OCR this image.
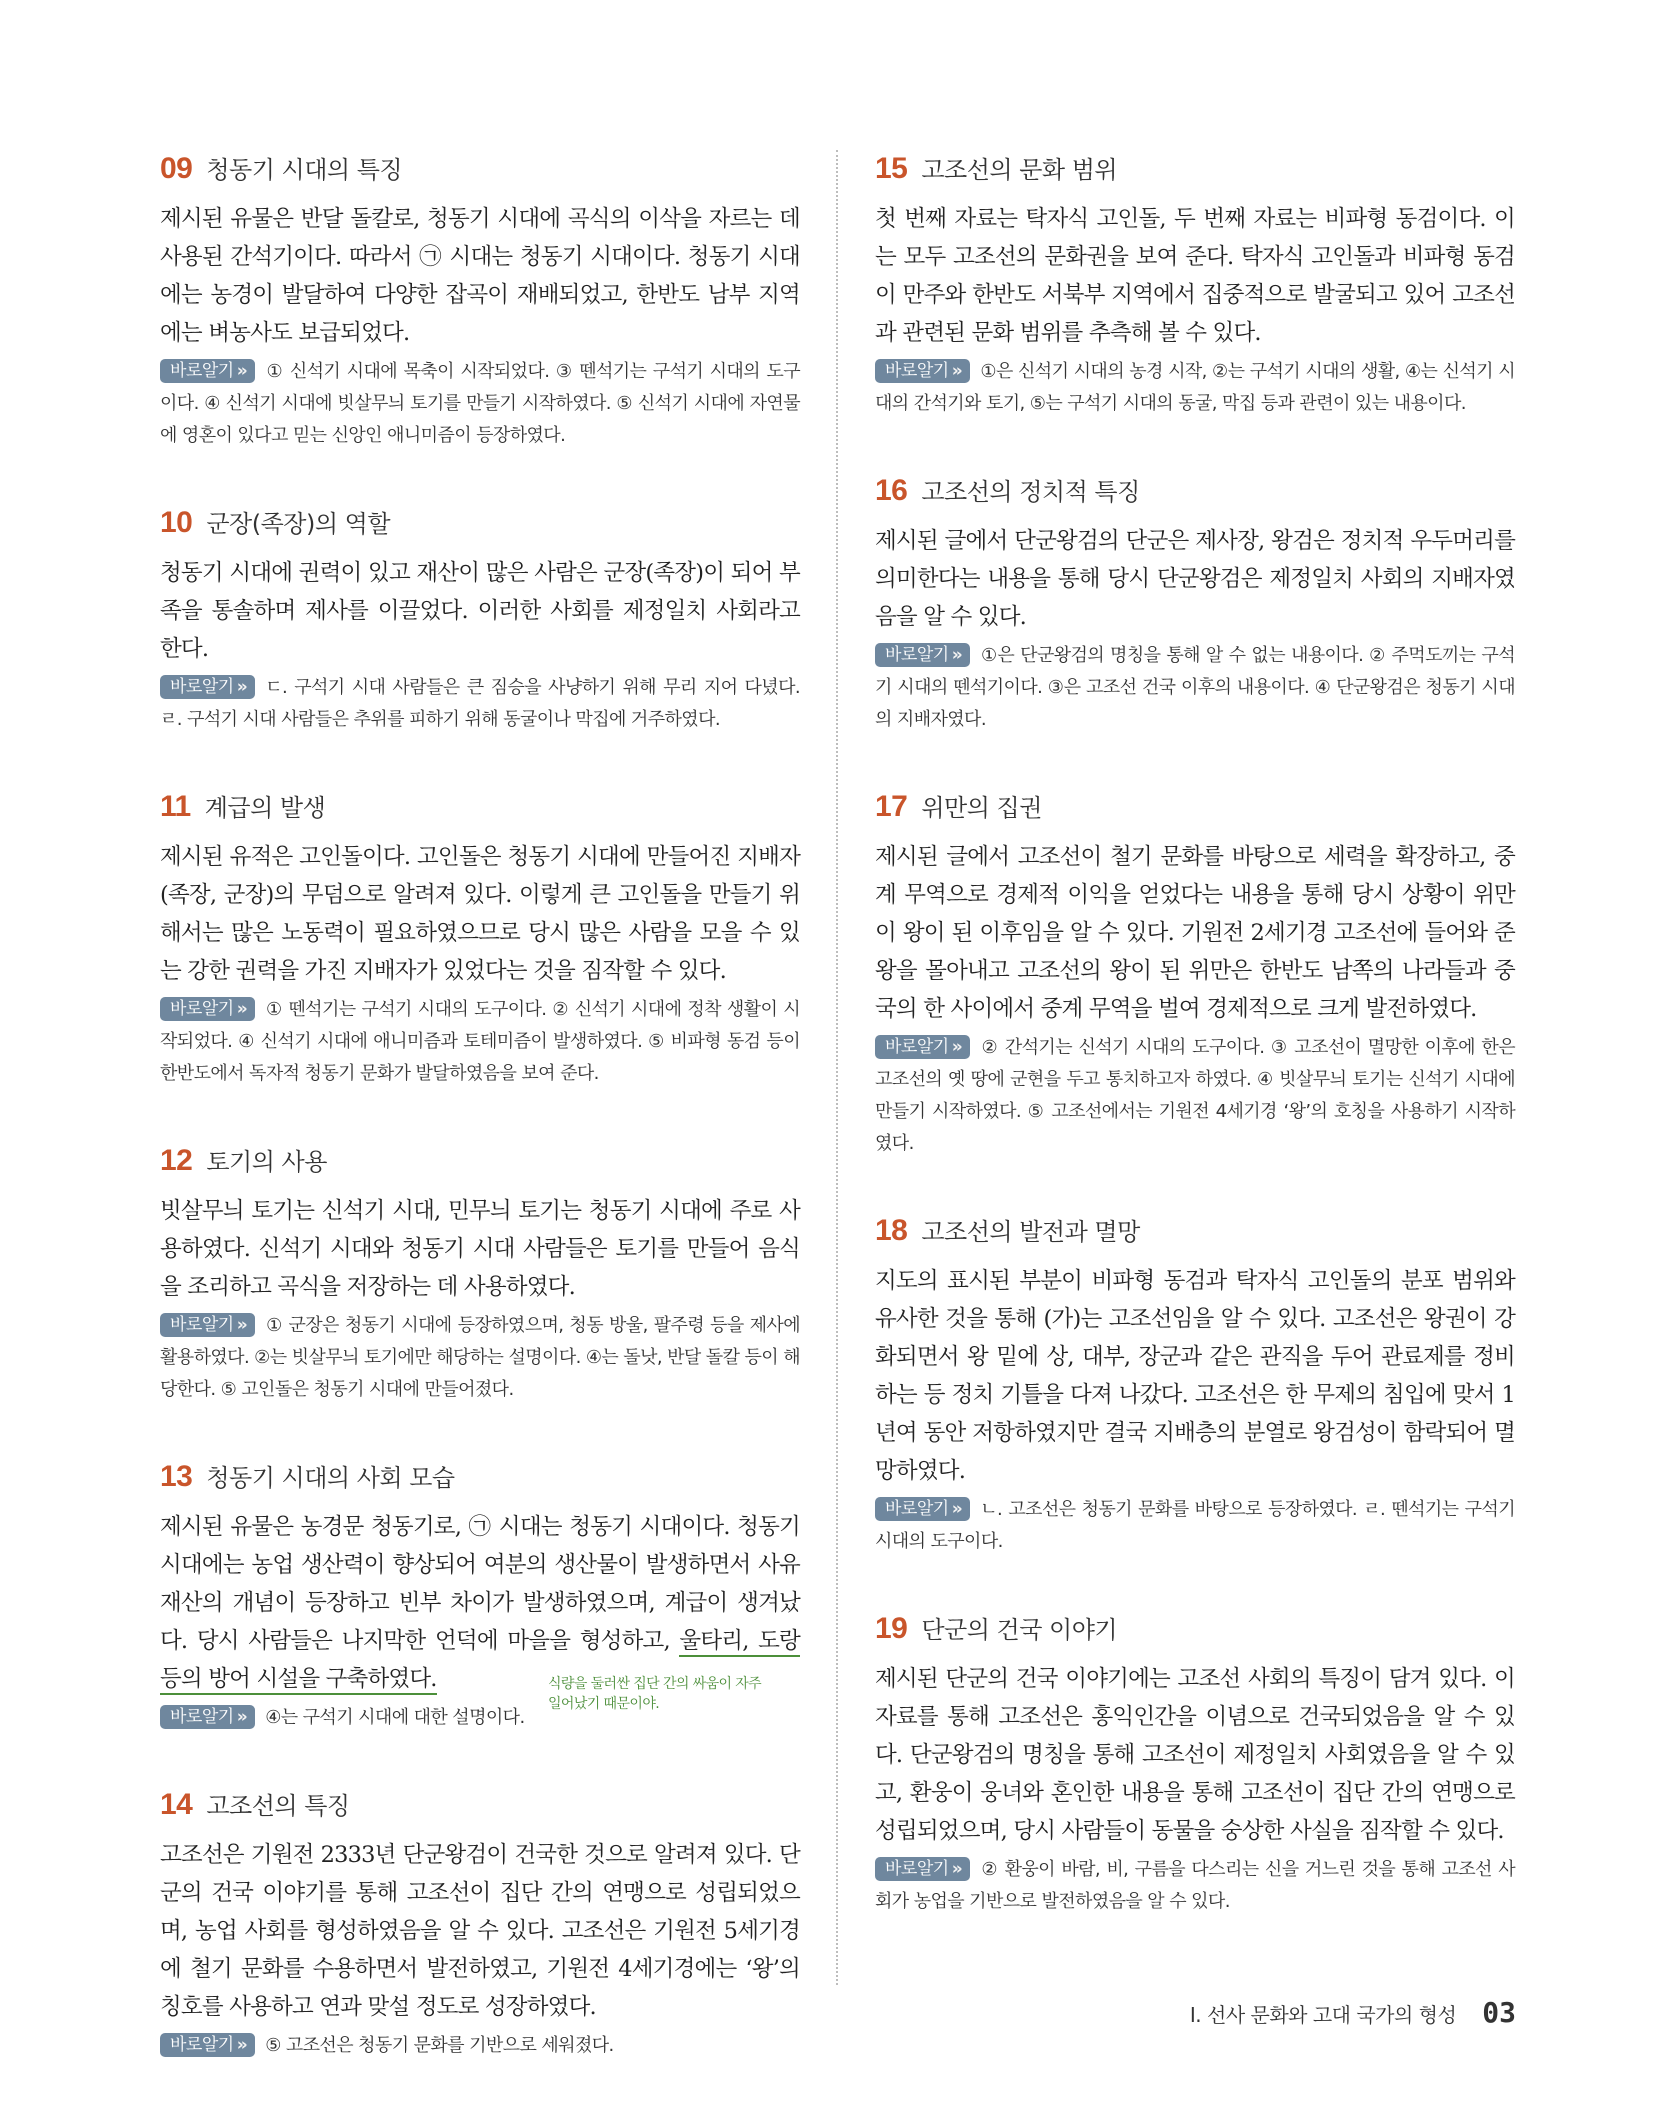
09 청동기 시대의 특징
제시된 유물은 반달 돌칼로, 청동기 시대에 곡식의 이삭을 자르는 데 사용된 간석기이다. 따라서 ㉠ 시대는 청동기 시대이다. 청동기 시대에는 농경이 발달하여 다양한 잡곡이 재배되었고, 한반도 남부 지역에는 벼농사도 보급되었다.
바로알기 » ① 신석기 시대에 목축이 시작되었다. ③ 뗀석기는 구석기 시대의 도구이다. ④ 신석기 시대에 빗살무늬 토기를 만들기 시작하였다. ⑤ 신석기 시대에 자연물에 영혼이 있다고 믿는 신앙인 애니미즘이 등장하였다.
10 군장(족장)의 역할
청동기 시대에 권력이 있고 재산이 많은 사람은 군장(족장)이 되어 부족을 통솔하며 제사를 이끌었다. 이러한 사회를 제정일치 사회라고 한다.
바로알기 » ㄷ. 구석기 시대 사람들은 큰 짐승을 사냥하기 위해 무리 지어 다녔다. ㄹ. 구석기 시대 사람들은 추위를 피하기 위해 동굴이나 막집에 거주하였다.
11 계급의 발생
제시된 유적은 고인돌이다. 고인돌은 청동기 시대에 만들어진 지배자(족장, 군장)의 무덤으로 알려져 있다. 이렇게 큰 고인돌을 만들기 위해서는 많은 노동력이 필요하였으므로 당시 많은 사람을 모을 수 있는 강한 권력을 가진 지배자가 있었다는 것을 짐작할 수 있다.
바로알기 » ① 뗀석기는 구석기 시대의 도구이다. ② 신석기 시대에 정착 생활이 시작되었다. ④ 신석기 시대에 애니미즘과 토테미즘이 발생하였다. ⑤ 비파형 동검 등이 한반도에서 독자적 청동기 문화가 발달하였음을 보여 준다.
12 토기의 사용
빗살무늬 토기는 신석기 시대, 민무늬 토기는 청동기 시대에 주로 사용하였다. 신석기 시대와 청동기 시대 사람들은 토기를 만들어 음식을 조리하고 곡식을 저장하는 데 사용하였다.
바로알기 » ① 군장은 청동기 시대에 등장하였으며, 청동 방울, 팔주령 등을 제사에 활용하였다. ②는 빗살무늬 토기에만 해당하는 설명이다. ④는 돌낫, 반달 돌칼 등이 해당한다. ⑤ 고인돌은 청동기 시대에 만들어졌다.
13 청동기 시대의 사회 모습
제시된 유물은 농경문 청동기로, ㉠ 시대는 청동기 시대이다. 청동기 시대에는 농업 생산력이 향상되어 여분의 생산물이 발생하면서 사유 재산의 개념이 등장하고 빈부 차이가 발생하였으며, 계급이 생겨났다. 당시 사람들은 나지막한 언덕에 마을을 형성하고, 울타리, 도랑 등의 방어 시설을 구축하였다.	식량을 둘러싼 집단 간의 싸움이 자주 일어났기 때문이야.
바로알기 » ④는 구석기 시대에 대한 설명이다.
14 고조선의 특징
고조선은 기원전 2333년 단군왕검이 건국한 것으로 알려져 있다. 단군의 건국 이야기를 통해 고조선이 집단 간의 연맹으로 성립되었으며, 농업 사회를 형성하였음을 알 수 있다. 고조선은 기원전 5세기경에 철기 문화를 수용하면서 발전하였고, 기원전 4세기경에는 ‘왕’의 칭호를 사용하고 연과 맞설 정도로 성장하였다.
바로알기 » ⑤ 고조선은 청동기 문화를 기반으로 세워졌다.
15 고조선의 문화 범위
첫 번째 자료는 탁자식 고인돌, 두 번째 자료는 비파형 동검이다. 이는 모두 고조선의 문화권을 보여 준다. 탁자식 고인돌과 비파형 동검이 만주와 한반도 서북부 지역에서 집중적으로 발굴되고 있어 고조선과 관련된 문화 범위를 추측해 볼 수 있다.
바로알기 » ①은 신석기 시대의 농경 시작, ②는 구석기 시대의 생활, ④는 신석기 시대의 간석기와 토기, ⑤는 구석기 시대의 동굴, 막집 등과 관련이 있는 내용이다.
16 고조선의 정치적 특징
제시된 글에서 단군왕검의 단군은 제사장, 왕검은 정치적 우두머리를 의미한다는 내용을 통해 당시 단군왕검은 제정일치 사회의 지배자였음을 알 수 있다.
바로알기 » ①은 단군왕검의 명칭을 통해 알 수 없는 내용이다. ② 주먹도끼는 구석기 시대의 뗀석기이다. ③은 고조선 건국 이후의 내용이다. ④ 단군왕검은 청동기 시대의 지배자였다.
17 위만의 집권
제시된 글에서 고조선이 철기 문화를 바탕으로 세력을 확장하고, 중계 무역으로 경제적 이익을 얻었다는 내용을 통해 당시 상황이 위만이 왕이 된 이후임을 알 수 있다. 기원전 2세기경 고조선에 들어와 준왕을 몰아내고 고조선의 왕이 된 위만은 한반도 남쪽의 나라들과 중국의 한 사이에서 중계 무역을 벌여 경제적으로 크게 발전하였다.
바로알기 » ② 간석기는 신석기 시대의 도구이다. ③ 고조선이 멸망한 이후에 한은 고조선의 옛 땅에 군현을 두고 통치하고자 하였다. ④ 빗살무늬 토기는 신석기 시대에 만들기 시작하였다. ⑤ 고조선에서는 기원전 4세기경 ‘왕’의 호칭을 사용하기 시작하였다.
18 고조선의 발전과 멸망
지도의 표시된 부분이 비파형 동검과 탁자식 고인돌의 분포 범위와 유사한 것을 통해 (가)는 고조선임을 알 수 있다. 고조선은 왕권이 강화되면서 왕 밑에 상, 대부, 장군과 같은 관직을 두어 관료제를 정비하는 등 정치 기틀을 다져 나갔다. 고조선은 한 무제의 침입에 맞서 1년여 동안 저항하였지만 결국 지배층의 분열로 왕검성이 함락되어 멸망하였다.
바로알기 » ㄴ. 고조선은 청동기 문화를 바탕으로 등장하였다. ㄹ. 뗀석기는 구석기 시대의 도구이다.
19 단군의 건국 이야기
제시된 단군의 건국 이야기에는 고조선 사회의 특징이 담겨 있다. 이 자료를 통해 고조선은 홍익인간을 이념으로 건국되었음을 알 수 있다. 단군왕검의 명칭을 통해 고조선이 제정일치 사회였음을 알 수 있고, 환웅이 웅녀와 혼인한 내용을 통해 고조선이 집단 간의 연맹으로 성립되었으며, 당시 사람들이 동물을 숭상한 사실을 짐작할 수 있다.
바로알기 » ② 환웅이 바람, 비, 구름을 다스리는 신을 거느린 것을 통해 고조선 사회가 농업을 기반으로 발전하였음을 알 수 있다.
Ⅰ. 선사 문화와 고대 국가의 형성 03
